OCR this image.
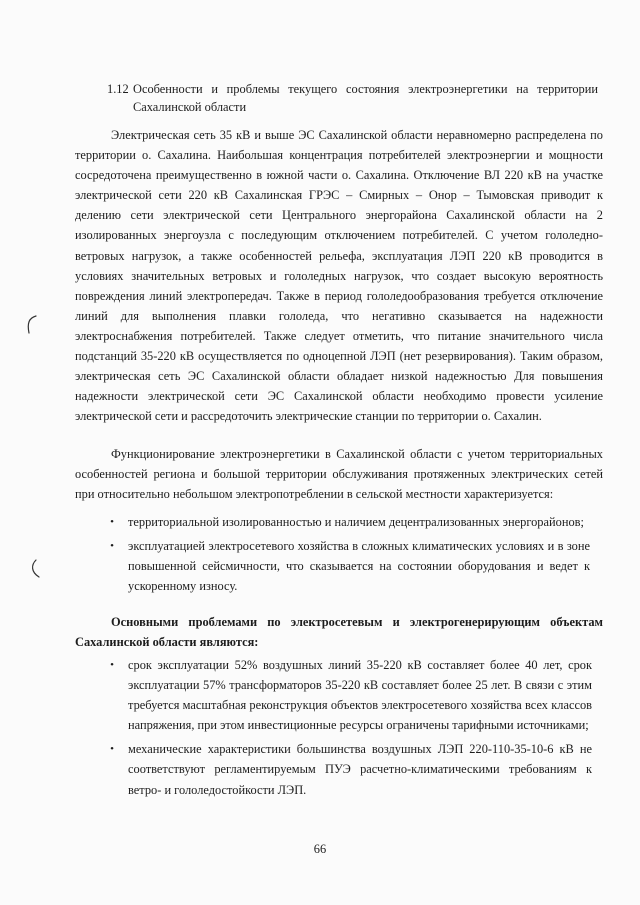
1.12 Особенности и проблемы текущего состояния электроэнергетики на территории
Сахалинской области
Электрическая сеть 35 кВ и выше ЭС Сахалинской области неравномерно распределена по территории о. Сахалина. Наибольшая концентрация потребителей электроэнергии и мощности сосредоточена преимущественно в южной части о. Сахалина. Отключение ВЛ 220 кВ на участке электрической сети 220 кВ Сахалинская ГРЭС – Смирных – Онор – Тымовская приводит к делению сети электрической сети Центрального энергорайона Сахалинской области на 2 изолированных энергоузла с последующим отключением потребителей. С учетом гололедно-ветровых нагрузок, а также особенностей рельефа, эксплуатация ЛЭП 220 кВ проводится в условиях значительных ветровых и гололедных нагрузок, что создает высокую вероятность повреждения линий электропередач. Также в период гололедообразования требуется отключение линий для выполнения плавки гололеда, что негативно сказывается на надежности электроснабжения потребителей. Также следует отметить, что питание значительного числа подстанций 35-220 кВ осуществляется по одноцепной ЛЭП (нет резервирования). Таким образом, электрическая сеть ЭС Сахалинской области обладает низкой надежностью Для повышения надежности электрической сети ЭС Сахалинской области необходимо провести усиление электрической сети и рассредоточить электрические станции по территории о. Сахалин.
Функционирование электроэнергетики в Сахалинской области с учетом территориальных особенностей региона и большой территории обслуживания протяженных электрических сетей при относительно небольшом электропотреблении в сельской местности характеризуется:
•	территориальной изолированностью и наличием децентрализованных энергорайонов;
•	эксплуатацией электросетевого хозяйства в сложных климатических условиях и в зоне повышенной сейсмичности, что сказывается на состоянии оборудования и ведет к ускоренному износу.
Основными проблемами по электросетевым и электрогенерирующим объектам Сахалинской области являются:
•	срок эксплуатации 52% воздушных линий 35-220 кВ составляет более 40 лет, срок эксплуатации 57% трансформаторов 35-220 кВ составляет более 25 лет. В связи с этим требуется масштабная реконструкция объектов электросетевого хозяйства всех классов напряжения, при этом инвестиционные ресурсы ограничены тарифными источниками;
•	механические характеристики большинства воздушных ЛЭП 220-110-35-10-6 кВ не соответствуют регламентируемым ПУЭ расчетно-климатическими требованиям к ветро- и гололедостойкости ЛЭП.
66
